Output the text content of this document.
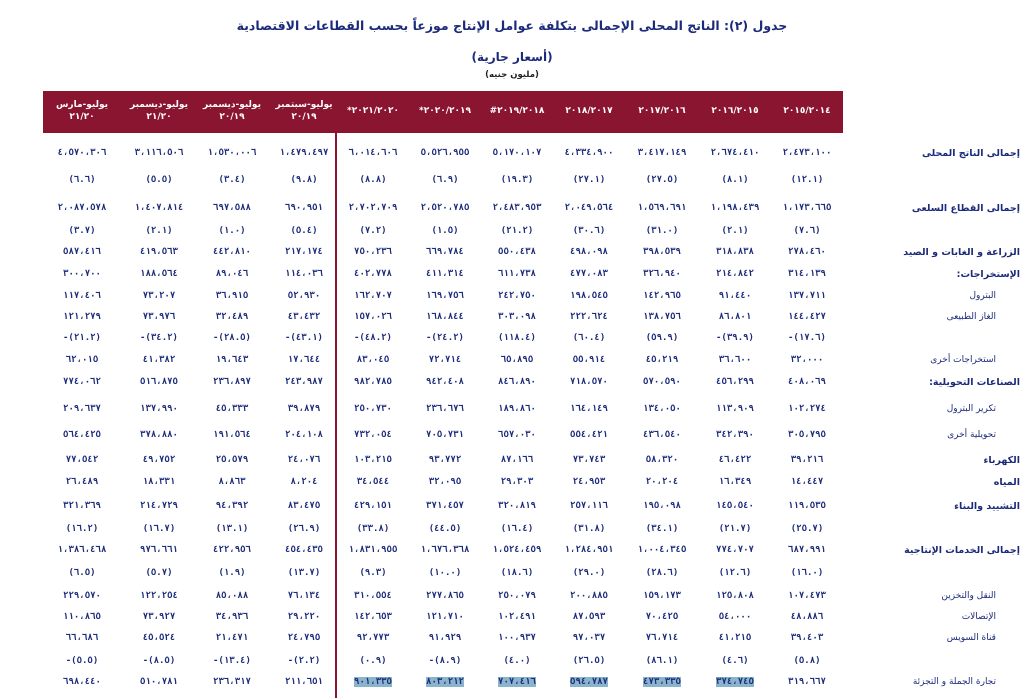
جدول (٢): الناتج المحلى الإجمالى بتكلفة عوامل الإنتاج موزعاً بحسب القطاعات الاقتصادية
(أسعار جارية)
(مليون جنيه)
يوليو-مارس
٢١/٢٠
يوليو-ديسمبر
٢١/٢٠
يوليو-ديسمبر
٢٠/١٩
يوليو-سبتمبر
٢٠/١٩
*٢٠٢١/٢٠٢٠	*٢٠٢٠/٢٠١٩	#٢٠١٩/٢٠١٨	٢٠١٨/٢٠١٧	٢٠١٧/٢٠١٦	٢٠١٦/٢٠١٥	٢٠١٥/٢٠١٤
إجمالى الناتج المحلى
٤،٥٧٠،٣٠٦	٣،١١٦،٥٠٦	١،٥٣٠،٠٠٦	١،٤٧٩،٤٩٧	٦،٠١٤،٦٠٦	٥،٥٢٦،٩٥٥	٥،١٧٠،١٠٧	٤،٣٣٤،٩٠٠	٣،٤١٧،١٤٩	٢،٦٧٤،٤١٠	٢،٤٧٣،١٠٠
(٦.٦)	(٥.٥)	(٣.٤)	(٩.٨)	(٨.٨)	(٦.٩)	(١٩.٣)	(٢٧.١)	(٢٧.٥)	(٨.١)	(١٢.١)
إجمالى القطاع السلعى
٢،٠٨٧،٥٧٨	١،٤٠٧،٨١٤	٦٩٧،٥٨٨	٦٩٠،٩٥١	٢،٧٠٢،٧٠٩	٢،٥٢٠،٧٨٥	٢،٤٨٣،٩٥٣	٢،٠٤٩،٥٦٤	١،٥٦٩،٦٩١	١،١٩٨،٤٣٩	١،١٧٣،٦٦٥
(٣.٧)	(٢.١)	(١.٠)	(٥.٤)	(٧.٢)	(١.٥)	(٢١.٢)	(٣٠.٦)	(٣١.٠)	(٢.١)	(٧.٦)
الزراعة و الغابات و الصيد
٥٨٧،٤١٦	٤١٩،٥٦٣	٤٤٢،٨١٠	٢١٧،١٧٤	٧٥٠،٢٣٦	٦٦٩،٧٨٤	٥٥٠،٤٣٨	٤٩٨،٠٩٨	٣٩٨،٥٣٩	٣١٨،٨٣٨	٢٧٨،٤٦٠
الإستخراجات:
٣٠٠،٧٠٠	١٨٨،٥٦٤	٨٩،٠٤٦	١١٤،٠٣٦	٤٠٢،٧٧٨	٤١١،٣١٤	٦١١،٧٣٨	٤٧٧،٠٨٣	٣٢٦،٩٤٠	٢١٤،٨٤٢	٣١٤،١٣٩
البترول
١١٧،٤٠٦	٧٣،٢٠٧	٣٦،٩١٥	٥٢،٩٣٠	١٦٢،٧٠٧	١٦٩،٧٥٦	٢٤٢،٧٥٠	١٩٨،٥٤٥	١٤٢،٩٦٥	٩١،٤٤٠	١٣٧،٧١١
الغاز الطبيعى
١٢١،٢٧٩	٧٣،٩٧٦	٣٢،٤٨٩	٤٣،٤٣٢	١٥٧،٠٢٦	١٦٨،٨٤٤	٣٠٣،٠٩٨	٢٢٢،٦٢٤	١٣٨،٧٥٦	٨٦،٨٠١	١٤٤،٤٢٧
-(٢١.٢)	-(٣٤.٢)	-(٢٨.٥)	-(٤٣.١)	-(٤٨.٢)	-(٢٤.٢)	(١١٨.٤)	(٦٠.٤)	(٥٩.٩)	-(٣٩.٩)	-(١٧.٦)
استخراجات أخرى
٦٢،٠١٥	٤١،٣٨٢	١٩،٦٤٣	١٧،٦٤٤	٨٣،٠٤٥	٧٢،٧١٤	٦٥،٨٩٥	٥٥،٩١٤	٤٥،٢١٩	٣٦،٦٠٠	٣٢،٠٠٠
الصناعات التحويلية:
٧٧٤،٠٦٢	٥١٦،٨٧٥	٢٣٦،٨٩٧	٢٤٣،٩٨٧	٩٨٢،٧٨٥	٩٤٢،٤٠٨	٨٤٦،٨٩٠	٧١٨،٥٧٠	٥٧٠،٥٩٠	٤٥٦،٢٩٩	٤٠٨،٠٦٩
تكرير البترول
٢٠٩،٦٣٧	١٣٧،٩٩٠	٤٥،٣٣٣	٣٩،٨٧٩	٢٥٠،٧٣٠	٢٣٦،٦٧٦	١٨٩،٨٦٠	١٦٤،١٤٩	١٣٤،٠٥٠	١١٣،٩٠٩	١٠٢،٢٧٤
تحويلية أخرى
٥٦٤،٤٢٥	٣٧٨،٨٨٠	١٩١،٥٦٤	٢٠٤،١٠٨	٧٣٢،٠٥٤	٧٠٥،٧٣١	٦٥٧،٠٣٠	٥٥٤،٤٢١	٤٣٦،٥٤٠	٣٤٢،٣٩٠	٣٠٥،٧٩٥
الكهرباء
٧٧،٥٤٢	٤٩،٧٥٢	٢٥،٥٧٩	٢٤،٠٧٦	١٠٣،٢١٥	٩٣،٧٧٢	٨٧،١٦٦	٧٣،٧٤٣	٥٨،٣٢٠	٤٦،٤٢٢	٣٩،٢١٦
المياه
٢٦،٤٨٩	١٨،٣٣١	٨،٨٦٣	٨،٢٠٤	٣٤،٥٤٤	٣٢،٠٩٥	٢٩،٣٠٣	٢٤،٩٥٣	٢٠،٢٠٤	١٦،٣٤٩	١٤،٤٤٧
التشييد والبناء
٣٢١،٣٦٩	٢١٤،٧٢٩	٩٤،٣٩٢	٨٣،٤٧٥	٤٢٩،١٥١	٣٧١،٤٥٧	٣٢٠،٨١٩	٢٥٧،١١٦	١٩٥،٠٩٨	١٤٥،٥٤٠	١١٩،٥٣٥
(١٦.٢)	(١٦.٧)	(١٣.١)	(٢٦.٩)	(٣٣.٨)	(٤٤.٥)	(١٦.٤)	(٣١.٨)	(٣٤.١)	(٢١.٧)	(٢٥.٧)
إجمالى الخدمات الإنتاجية
١،٣٨٦،٤٦٨	٩٧٦،٦٦١	٤٢٢،٩٥٦	٤٥٤،٤٣٥	١،٨٣١،٩٥٥	١،٦٧٦،٣٦٨	١،٥٢٤،٤٥٩	١،٢٨٤،٩٥١	١،٠٠٤،٣٤٥	٧٧٤،٧٠٧	٦٨٧،٩٩١
(٦.٥)	(٥.٧)	(١.٩)	(١٣.٧)	(٩.٣)	(١٠.٠)	(١٨.٦)	(٢٩.٠)	(٢٨.٦)	(١٢.٦)	(١٦.٠)
النقل والتخزين
٢٢٩،٥٧٠	١٢٢،٢٥٤	٨٥،٠٨٨	٧٦،١٣٤	٣١٠،٥٥٤	٢٧٧،٨٦٥	٢٥٠،٠٧٩	٢٠٠،٨٨٥	١٥٩،١٧٣	١٢٥،٨٠٨	١٠٧،٤٧٣
الإتصالات
١١٠،٨٦٥	٧٣،٩٢٧	٣٤،٩٣٦	٢٩،٢٢٠	١٤٢،٦٥٣	١٢١،٧١٠	١٠٢،٤٩١	٨٧،٥٩٣	٧٠،٤٢٥	٥٤،٠٠٠	٤٨،٨٨٦
قناة السويس
٦٦،٦٨٦	٤٥،٥٢٤	٢١،٤٧١	٢٤،٧٩٥	٩٢،٧٧٣	٩١،٩٢٩	١٠٠،٩٣٧	٩٧،٠٣٧	٧٦،٧١٤	٤١،٢١٥	٣٩،٤٠٣
-(٥.٥)	-(٨.٥)	-(١٣.٤)	-(٢.٢)	(٠.٩)	-(٨.٩)	(٤.٠)	(٢٦.٥)	(٨٦.١)	(٤.٦)	(٥.٨)
تجارة الجملة و التجزئة
٦٩٨،٤٤٠	٥١٠،٧٨١	٢٣٦،٣١٧	٢١١،٦٥١	٩٠١،٣٣٥	٨٠٣،٢١٢	٧٠٧،٤١٦	٥٩٤،٧٨٧	٤٧٣،٣٣٥	٣٧٤،٧٤٥	٣١٩،٦٦٧
